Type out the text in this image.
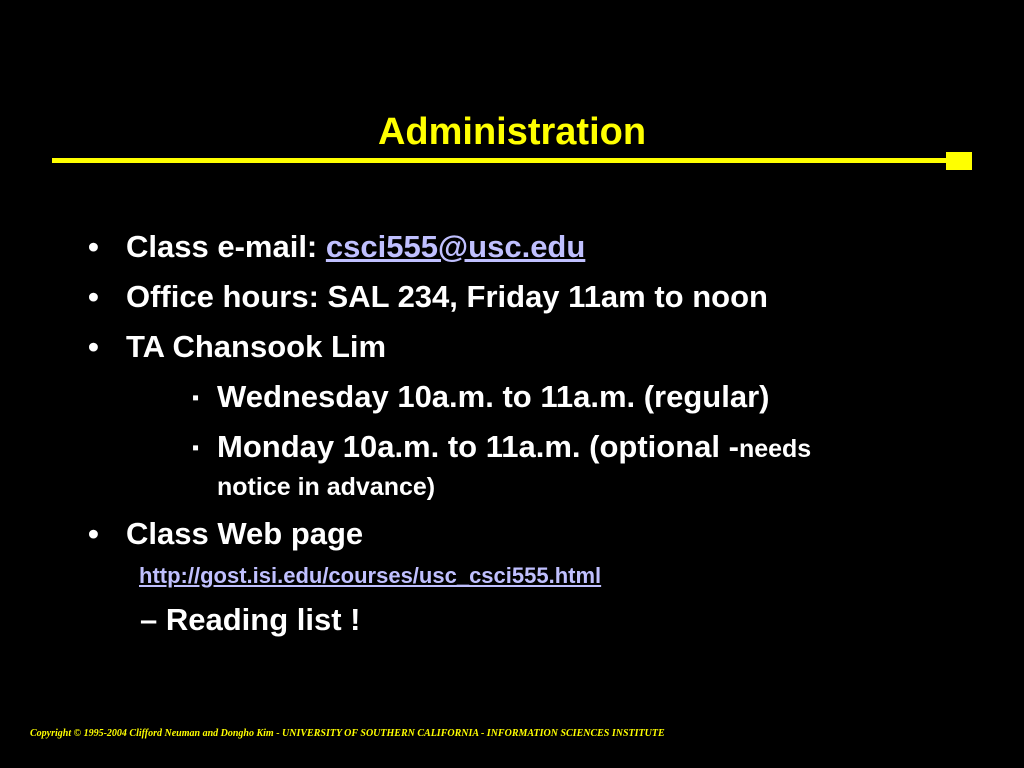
Administration
• Class e-mail: csci555@usc.edu
• Office hours: SAL 234, Friday 11am to noon
• TA Chansook Lim
▪ Wednesday 10a.m. to 11a.m. (regular)
▪ Monday 10a.m. to 11a.m. (optional -needs
notice in advance)
• Class Web page
http://gost.isi.edu/courses/usc_csci555.html
– Reading list !
Copyright © 1995-2004 Clifford Neuman and Dongho Kim - UNIVERSITY OF SOUTHERN CALIFORNIA - INFORMATION SCIENCES INSTITUTE
